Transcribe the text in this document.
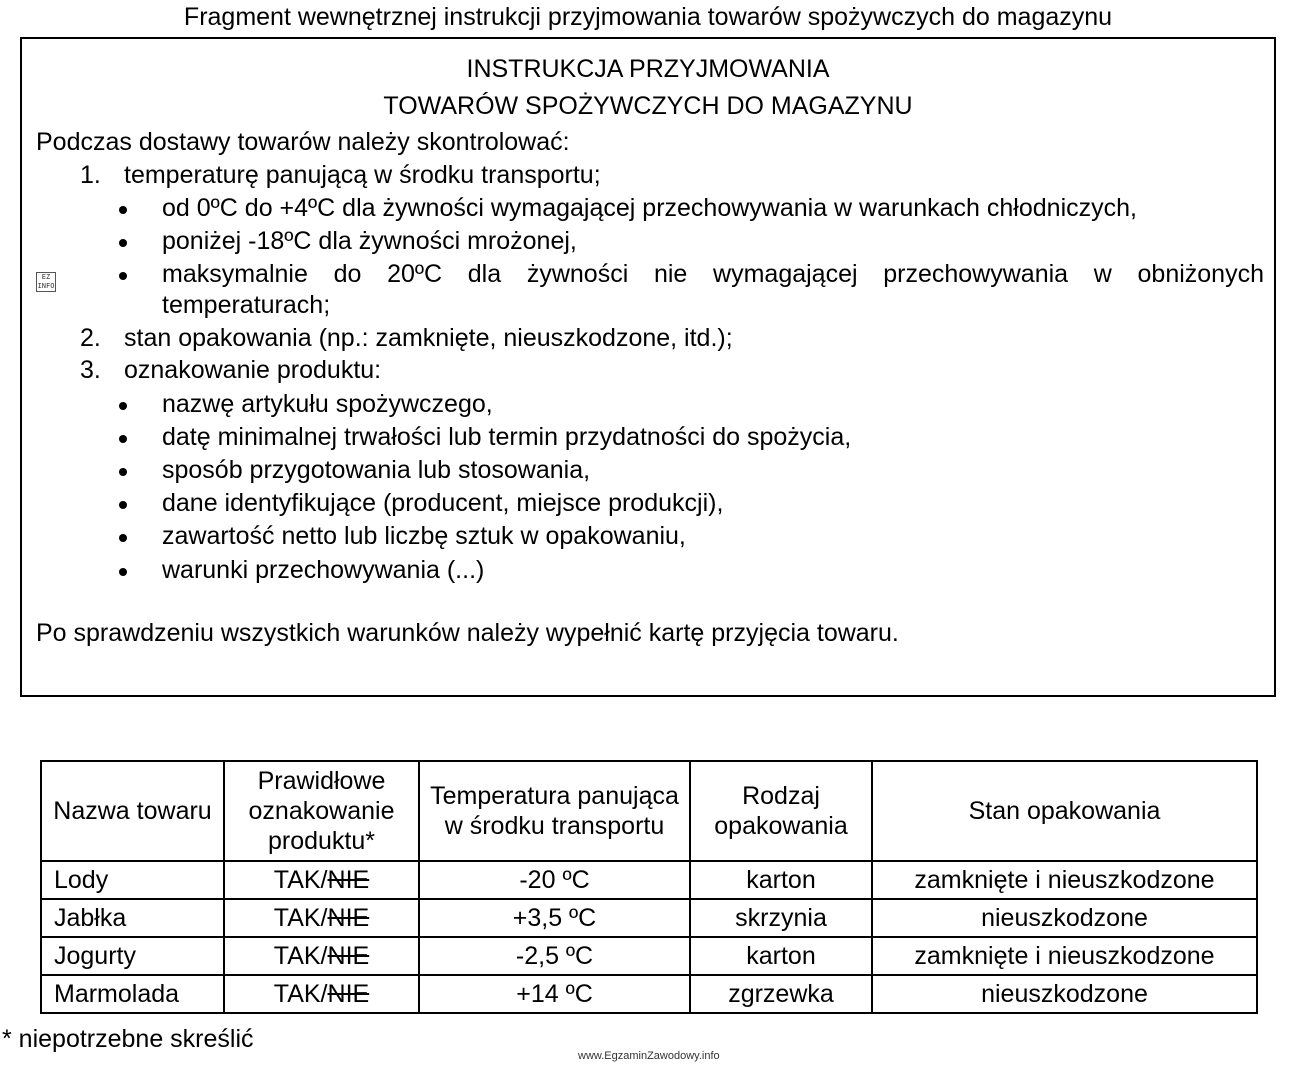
Fragment wewnętrznej instrukcji przyjmowania towarów spożywczych do magazynu
INSTRUKCJA PRZYJMOWANIA
TOWARÓW SPOŻYWCZYCH DO MAGAZYNU
Podczas dostawy towarów należy skontrolować:
1. temperaturę panującą w środku transportu;
od 0ºC do +4ºC dla żywności wymagającej przechowywania w warunkach chłodniczych,
poniżej -18ºC dla żywności mrożonej,
maksymalnie do 20ºC dla żywności nie wymagającej przechowywania w obniżonych
temperaturach;
2. stan opakowania (np.: zamknięte, nieuszkodzone, itd.);
3. oznakowanie produktu:
nazwę artykułu spożywczego,
datę minimalnej trwałości lub termin przydatności do spożycia,
sposób przygotowania lub stosowania,
dane identyfikujące (producent, miejsce produkcji),
zawartość netto lub liczbę sztuk w opakowaniu,
warunki przechowywania (...)
Po sprawdzeniu wszystkich warunków należy wypełnić kartę przyjęcia towaru.
EZ INFO
Nazwa towaru	Prawidłowe oznakowanie produktu*	Temperatura panująca w środku transportu	Rodzaj opakowania	Stan opakowania
Lody	TAK/NIE	-20 ºC	karton	zamknięte i nieuszkodzone
Jabłka	TAK/NIE	+3,5 ºC	skrzynia	nieuszkodzone
Jogurty	TAK/NIE	-2,5 ºC	karton	zamknięte i nieuszkodzone
Marmolada	TAK/NIE	+14 ºC	zgrzewka	nieuszkodzone
* niepotrzebne skreślić
www.EgzaminZawodowy.info
